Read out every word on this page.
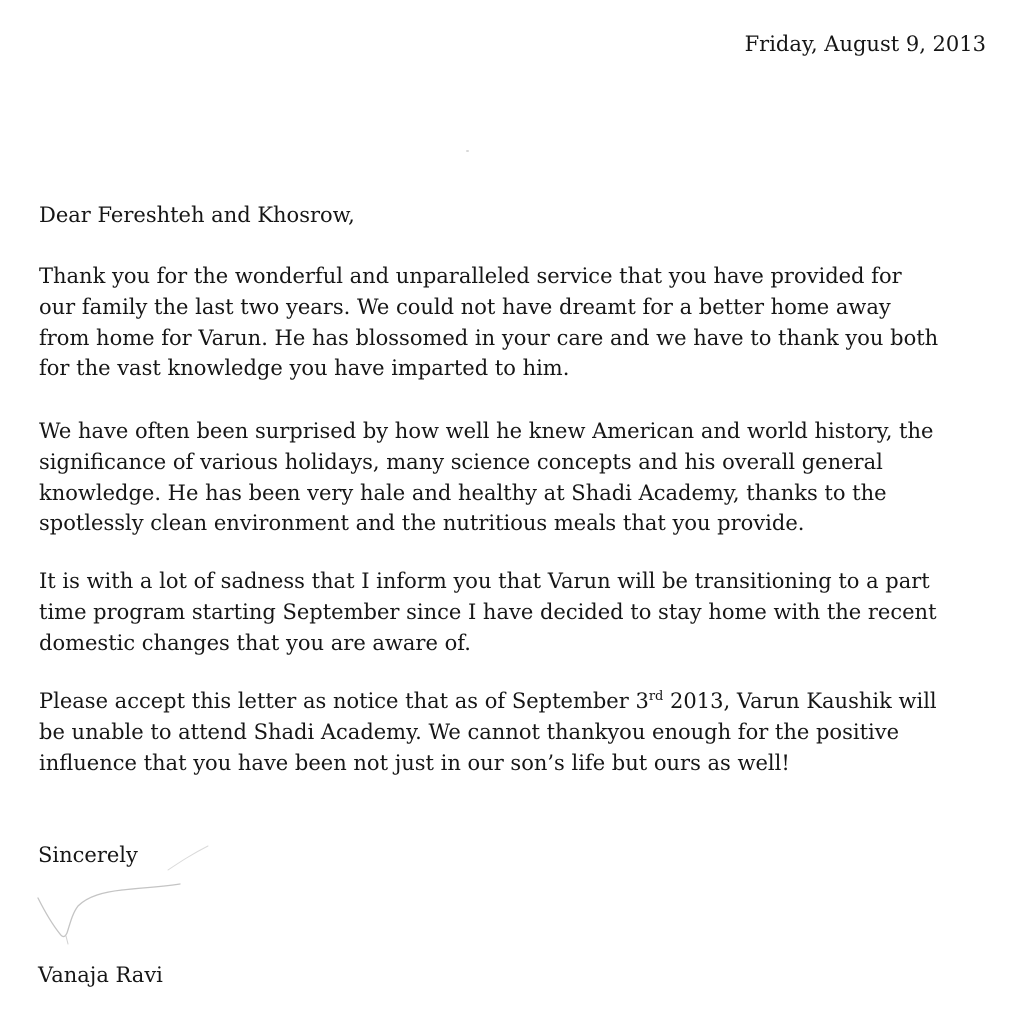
Friday, August 9, 2013
Dear Fereshteh and Khosrow,
Thank you for the wonderful and unparalleled service that you have provided for
our family the last two years. We could not have dreamt for a better home away
from home for Varun. He has blossomed in your care and we have to thank you both
for the vast knowledge you have imparted to him.
We have often been surprised by how well he knew American and world history, the
significance of various holidays, many science concepts and his overall general
knowledge. He has been very hale and healthy at Shadi Academy, thanks to the
spotlessly clean environment and the nutritious meals that you provide.
It is with a lot of sadness that I inform you that Varun will be transitioning to a part
time program starting September since I have decided to stay home with the recent
domestic changes that you are aware of.
Please accept this letter as notice that as of September 3rd 2013, Varun Kaushik will
be unable to attend Shadi Academy. We cannot thankyou enough for the positive
influence that you have been not just in our son’s life but ours as well!
Sincerely
Vanaja Ravi
